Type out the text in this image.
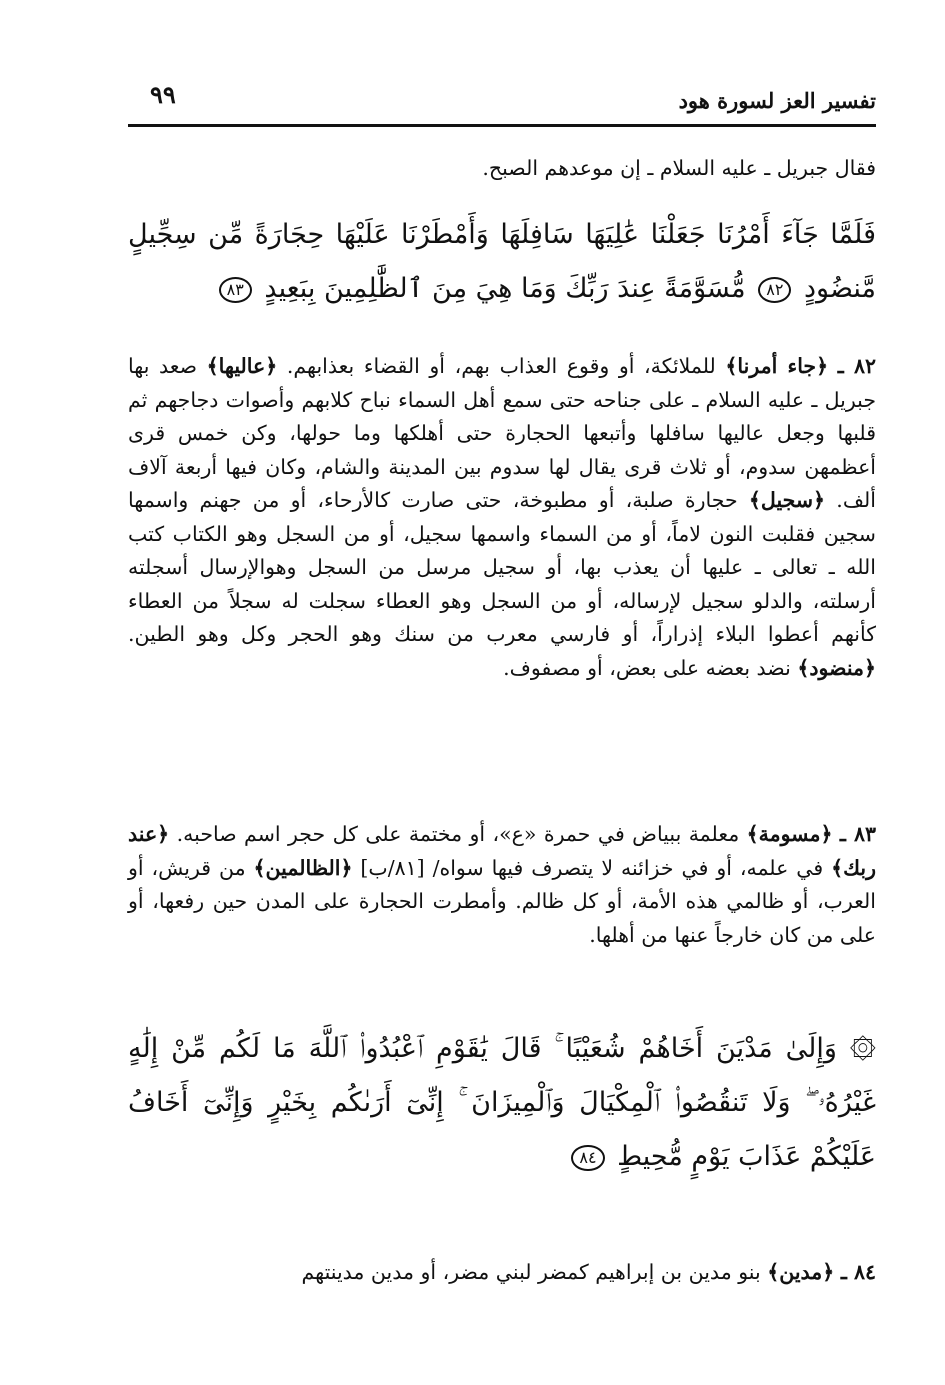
تفسير العز لسورة هود
٩٩
فقال جبريل ـ عليه السلام ـ إن موعدهم الصبح.
فَلَمَّا جَآءَ أَمْرُنَا جَعَلْنَا عَٰلِيَهَا سَافِلَهَا وَأَمْطَرْنَا عَلَيْهَا حِجَارَةً مِّن سِجِّيلٍ مَّنضُودٍ ٨٢ مُّسَوَّمَةً عِندَ رَبِّكَ وَمَا هِيَ مِنَ ٱلظَّٰلِمِينَ بِبَعِيدٍ ٨٣
٨٢ ـ ﴿جاء أمرنا﴾ للملائكة، أو وقوع العذاب بهم، أو القضاء بعذابهم. ﴿عاليها﴾ صعد بها جبريل ـ عليه السلام ـ على جناحه حتى سمع أهل السماء نباح كلابهم وأصوات دجاجهم ثم قلبها وجعل عاليها سافلها وأتبعها الحجارة حتى أهلكها وما حولها، وكن خمس قرى أعظمهن سدوم، أو ثلاث قرى يقال لها سدوم بين المدينة والشام، وكان فيها أربعة آلاف ألف. ﴿سجيل﴾ حجارة صلبة، أو مطبوخة، حتى صارت كالأرحاء، أو من جهنم واسمها سجين فقلبت النون لاماً، أو من السماء واسمها سجيل، أو من السجل وهو الكتاب كتب الله ـ تعالى ـ عليها أن يعذب بها، أو سجيل مرسل من السجل وهوالإرسال أسجلته أرسلته، والدلو سجيل لإرساله، أو من السجل وهو العطاء سجلت له سجلاً من العطاء كأنهم أعطوا البلاء إذراراً، أو فارسي معرب من سنك وهو الحجر وكل وهو الطين. ﴿منضود﴾ نضد بعضه على بعض، أو مصفوف.
٨٣ ـ ﴿مسومة﴾ معلمة ببياض في حمرة «ع»، أو مختمة على كل حجر اسم صاحبه. ﴿عند ربك﴾ في علمه، أو في خزائنه لا يتصرف فيها سواه/ [٨١/ب] ﴿الظالمين﴾ من قريش، أو العرب، أو ظالمي هذه الأمة، أو كل ظالم. وأمطرت الحجارة على المدن حين رفعها، أو على من كان خارجاً عنها من أهلها.
۞ وَإِلَىٰ مَدْيَنَ أَخَاهُمْ شُعَيْبًا ۚ قَالَ يَٰقَوْمِ ٱعْبُدُوا۟ ٱللَّهَ مَا لَكُم مِّنْ إِلَٰهٍ غَيْرُهُۥ ۖ وَلَا تَنقُصُوا۟ ٱلْمِكْيَالَ وَٱلْمِيزَانَ ۚ إِنِّىٓ أَرَىٰكُم بِخَيْرٍ وَإِنِّىٓ أَخَافُ عَلَيْكُمْ عَذَابَ يَوْمٍ مُّحِيطٍ ٨٤
٨٤ ـ ﴿مدين﴾ بنو مدين بن إبراهيم كمضر لبني مضر، أو مدين مدينتهم
